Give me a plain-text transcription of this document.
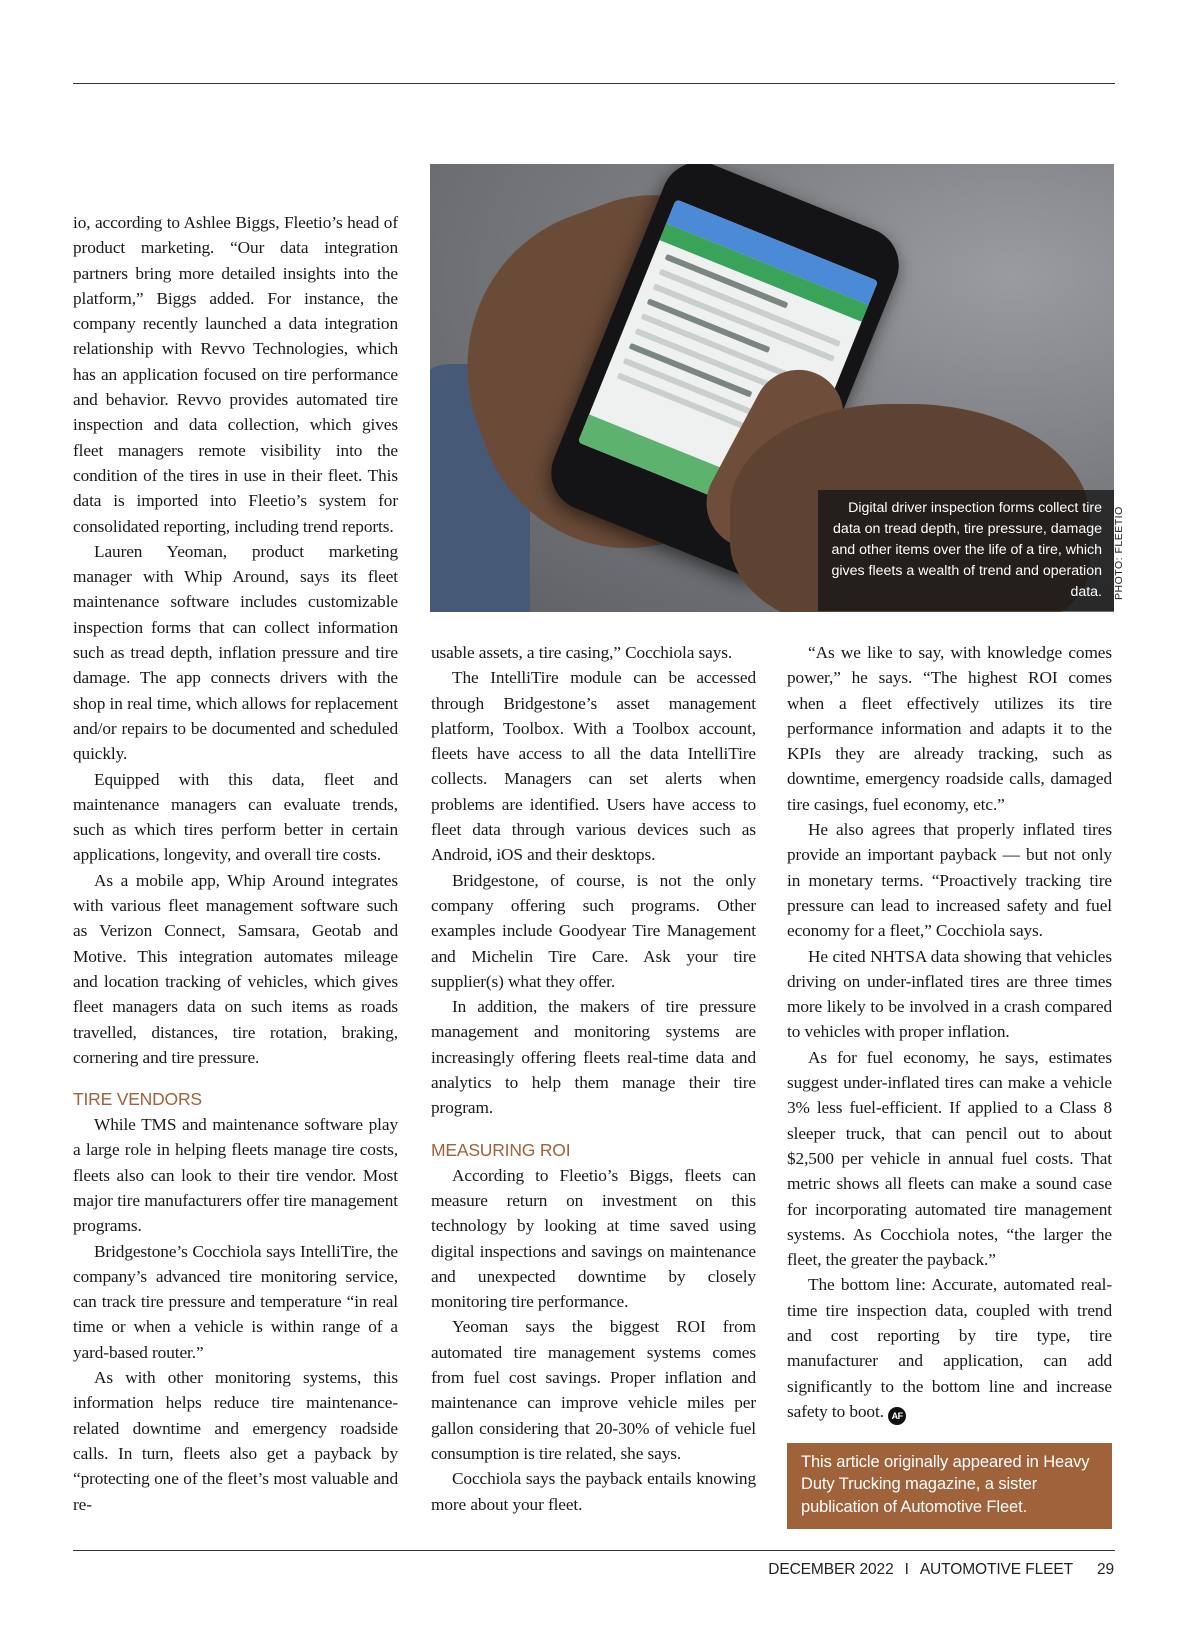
Digital driver inspection forms collect tire data on tread depth, tire pressure, damage and other items over the life of a tire, which gives fleets a wealth of trend and operation data.	PHOTO: FLEETIO

io, according to Ashlee Biggs, Fleetio’s head of product marketing. “Our data integration partners bring more detailed insights into the platform,” Biggs added. For instance, the company recently launched a data integration relationship with Revvo Technologies, which has an application focused on tire performance and behavior. Revvo provides automated tire inspection and data collection, which gives fleet managers remote visibility into the condition of the tires in use in their fleet. This data is imported into Fleetio’s system for consolidated reporting, including trend reports.

Lauren Yeoman, product marketing manager with Whip Around, says its fleet maintenance software includes customizable inspection forms that can collect information such as tread depth, inflation pressure and tire damage. The app connects drivers with the shop in real time, which allows for replacement and/or repairs to be documented and scheduled quickly.

Equipped with this data, fleet and maintenance managers can evaluate trends, such as which tires perform better in certain applications, longevity, and overall tire costs.

As a mobile app, Whip Around integrates with various fleet management software such as Verizon Connect, Samsara, Geotab and Motive. This integration automates mileage and location tracking of vehicles, which gives fleet managers data on such items as roads travelled, distances, tire rotation, braking, cornering and tire pressure.

TIRE VENDORS

While TMS and maintenance software play a large role in helping fleets manage tire costs, fleets also can look to their tire vendor. Most major tire manufacturers offer tire management programs.

Bridgestone’s Cocchiola says IntelliTire, the company’s advanced tire monitoring service, can track tire pressure and temperature “in real time or when a vehicle is within range of a yard-based router.”

As with other monitoring systems, this information helps reduce tire maintenance-related downtime and emergency roadside calls. In turn, fleets also get a payback by “protecting one of the fleet’s most valuable and re-

usable assets, a tire casing,” Cocchiola says.

The IntelliTire module can be accessed through Bridgestone’s asset management platform, Toolbox. With a Toolbox account, fleets have access to all the data IntelliTire collects. Managers can set alerts when problems are identified. Users have access to fleet data through various devices such as Android, iOS and their desktops.

Bridgestone, of course, is not the only company offering such programs. Other examples include Goodyear Tire Management and Michelin Tire Care. Ask your tire supplier(s) what they offer.

In addition, the makers of tire pressure management and monitoring systems are increasingly offering fleets real-time data and analytics to help them manage their tire program.

MEASURING ROI

According to Fleetio’s Biggs, fleets can measure return on investment on this technology by looking at time saved using digital inspections and savings on maintenance and unexpected downtime by closely monitoring tire performance.

Yeoman says the biggest ROI from automated tire management systems comes from fuel cost savings. Proper inflation and maintenance can improve vehicle miles per gallon considering that 20-30% of vehicle fuel consumption is tire related, she says.

Cocchiola says the payback entails knowing more about your fleet.

“As we like to say, with knowledge comes power,” he says. “The highest ROI comes when a fleet effectively utilizes its tire performance information and adapts it to the KPIs they are already tracking, such as downtime, emergency roadside calls, damaged tire casings, fuel economy, etc.”

He also agrees that properly inflated tires provide an important payback — but not only in monetary terms. “Proactively tracking tire pressure can lead to increased safety and fuel economy for a fleet,” Cocchiola says.

He cited NHTSA data showing that vehicles driving on under-inflated tires are three times more likely to be involved in a crash compared to vehicles with proper inflation.

As for fuel economy, he says, estimates suggest under-inflated tires can make a vehicle 3% less fuel-efficient. If applied to a Class 8 sleeper truck, that can pencil out to about $2,500 per vehicle in annual fuel costs. That metric shows all fleets can make a sound case for incorporating automated tire management systems. As Cocchiola notes, “the larger the fleet, the greater the payback.”

The bottom line: Accurate, automated real-time tire inspection data, coupled with trend and cost reporting by tire type, tire manufacturer and application, can add significantly to the bottom line and increase safety to boot. AF

This article originally appeared in Heavy Duty Trucking magazine, a sister publication of Automotive Fleet.
DECEMBER 2022 I AUTOMOTIVE FLEET 29
